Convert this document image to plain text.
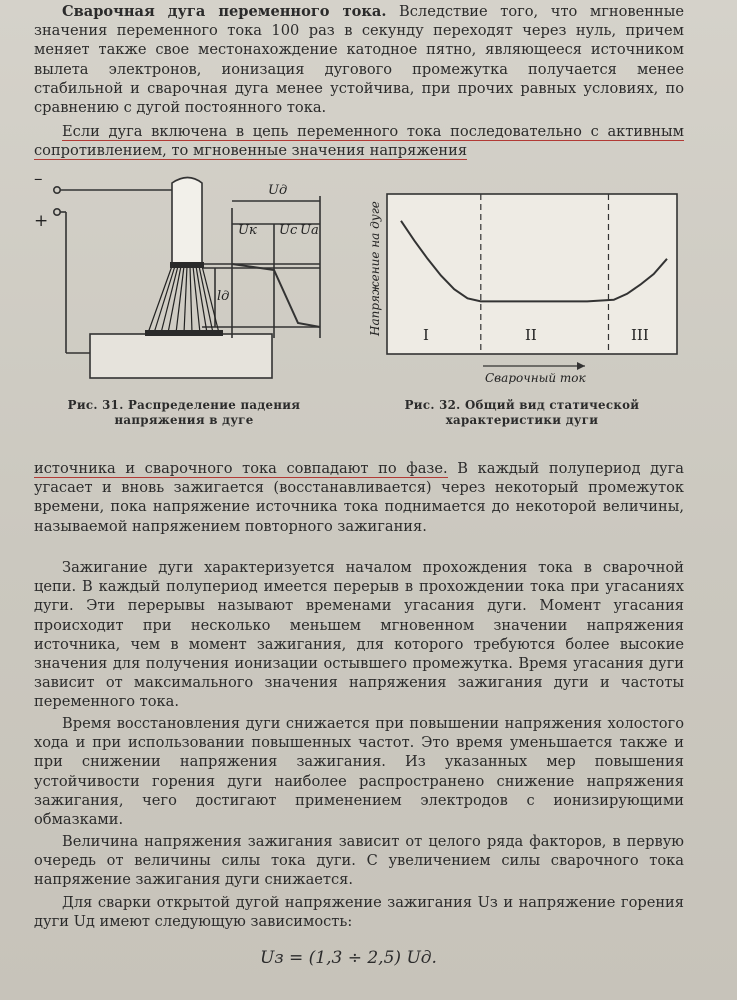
Сварочная дуга переменного тока. Вследствие того, что мгновенные значения переменного тока 100 раз в секунду переходят через нуль, причем меняет также свое местонахождение катодное пятно, являющееся источником вылета электронов, ионизация дугового промежутка получается менее стабильной и сварочная дуга менее устойчива, при прочих равных условиях, по сравнению с дугой постоянного тока.
Если дуга включена в цепь переменного тока последовательно с активным сопротивлением, то мгновенные значения напряжения
–
+
Uд
Uк Uс Uа
lд
Рис. 31. Распределение падения напряжения в дуге
I	II	III
Напряжение на дуге
Сварочный ток
Рис. 32. Общий вид статической характеристики дуги
источника и сварочного тока совпадают по фазе. В каждый полупериод дуга угасает и вновь зажигается (восстанавливается) через некоторый промежуток времени, пока напряжение источника тока поднимается до некоторой величины, называемой напряжением повторного зажигания.
Зажигание дуги характеризуется началом прохождения тока в сварочной цепи. В каждый полупериод имеется перерыв в прохождении тока при угасаниях дуги. Эти перерывы называют временами угасания дуги. Момент угасания происходит при несколько меньшем мгновенном значении напряжения источника, чем в момент зажигания, для которого требуются более высокие значения для получения ионизации остывшего промежутка. Время угасания дуги зависит от максимального значения напряжения зажигания дуги и частоты переменного тока.
Время восстановления дуги снижается при повышении напряжения холостого хода и при использовании повышенных частот. Это время уменьшается также и при снижении напряжения зажигания. Из указанных мер повышения устойчивости горения дуги наиболее распространено снижение напряжения зажигания, чего достигают применением электродов с ионизирующими обмазками.
Величина напряжения зажигания зависит от целого ряда факторов, в первую очередь от величины силы тока дуги. С увеличением силы сварочного тока напряжение зажигания дуги снижается.
Для сварки открытой дугой напряжение зажигания Uз и напряжение горения дуги Uд имеют следующую зависимость:
Uз = (1,3 ÷ 2,5) Uд.
